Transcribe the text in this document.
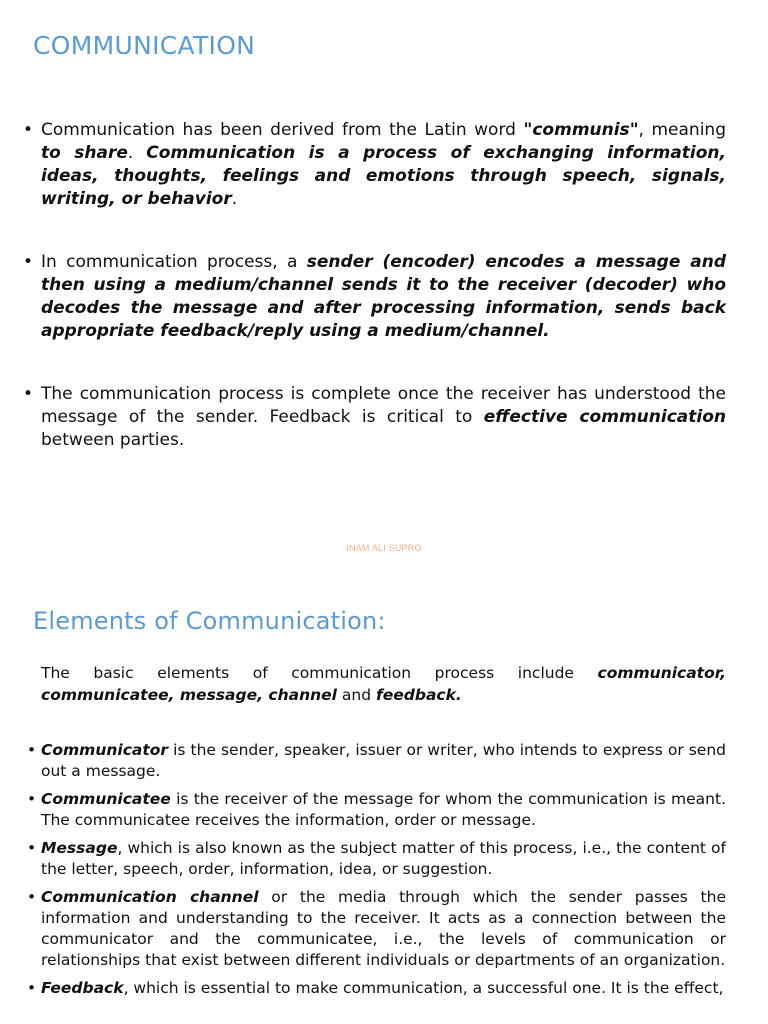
COMMUNICATION
• Communication has been derived from the Latin word "communis", meaning to share. Communication is a process of exchanging information, ideas, thoughts, feelings and emotions through speech, signals, writing, or behavior.
• In communication process, a sender (encoder) encodes a message and then using a medium/channel sends it to the receiver (decoder) who decodes the message and after processing information, sends back appropriate feedback/reply using a medium/channel.
• The communication process is complete once the receiver has understood the message of the sender. Feedback is critical to effective communication between parties.
INAM ALI SUPRO
Elements of Communication:

The basic elements of communication process include communicator, communicatee, message, channel and feedback.

• Communicator is the sender, speaker, issuer or writer, who intends to express or send out a message.
• Communicatee is the receiver of the message for whom the communication is meant. The communicatee receives the information, order or message.
• Message, which is also known as the subject matter of this process, i.e., the content of the letter, speech, order, information, idea, or suggestion.
• Communication channel or the media through which the sender passes the information and understanding to the receiver. It acts as a connection between the communicator and the communicatee, i.e., the levels of communication or relationships that exist between different individuals or departments of an organization.
• Feedback, which is essential to make communication, a successful one. It is the effect,
